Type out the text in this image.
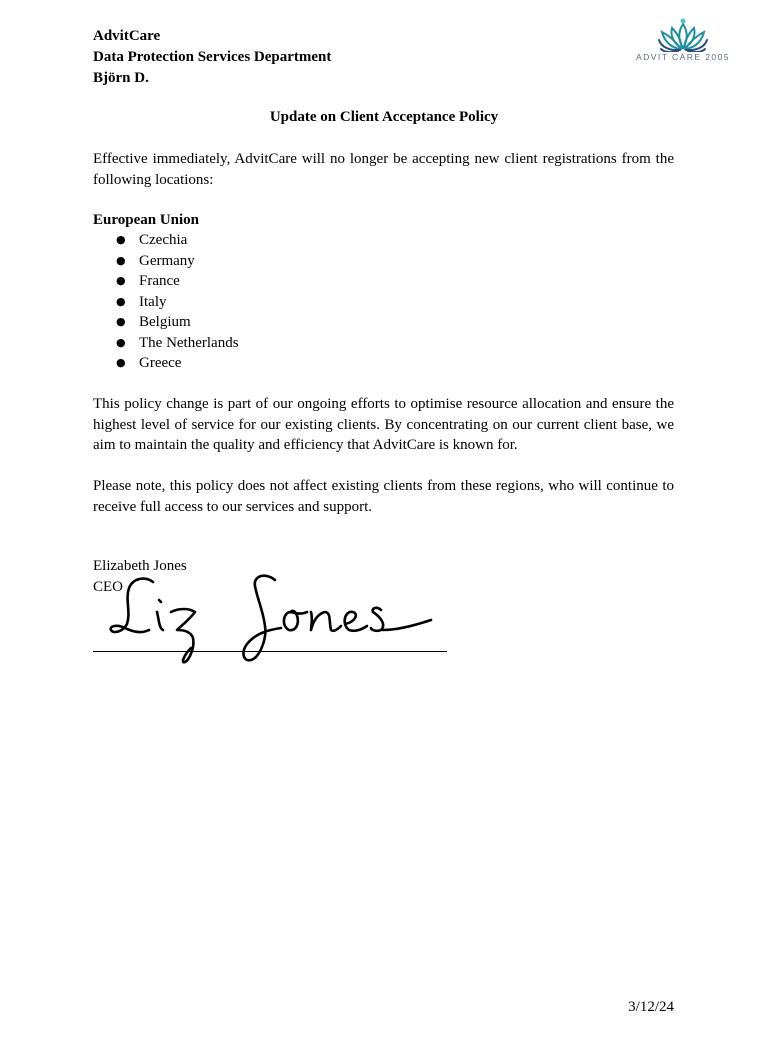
AdvitCare
Data Protection Services Department
Björn D.
ADVIT CARE 2005
Update on Client Acceptance Policy
Effective immediately, AdvitCare will no longer be accepting new client registrations from the following locations:
European Union
● Czechia
● Germany
● France
● Italy
● Belgium
● The Netherlands
● Greece
This policy change is part of our ongoing efforts to optimise resource allocation and ensure the highest level of service for our existing clients. By concentrating on our current client base, we aim to maintain the quality and efficiency that AdvitCare is known for.
Please note, this policy does not affect existing clients from these regions, who will continue to receive full access to our services and support.
Elizabeth Jones
CEO
3/12/24
